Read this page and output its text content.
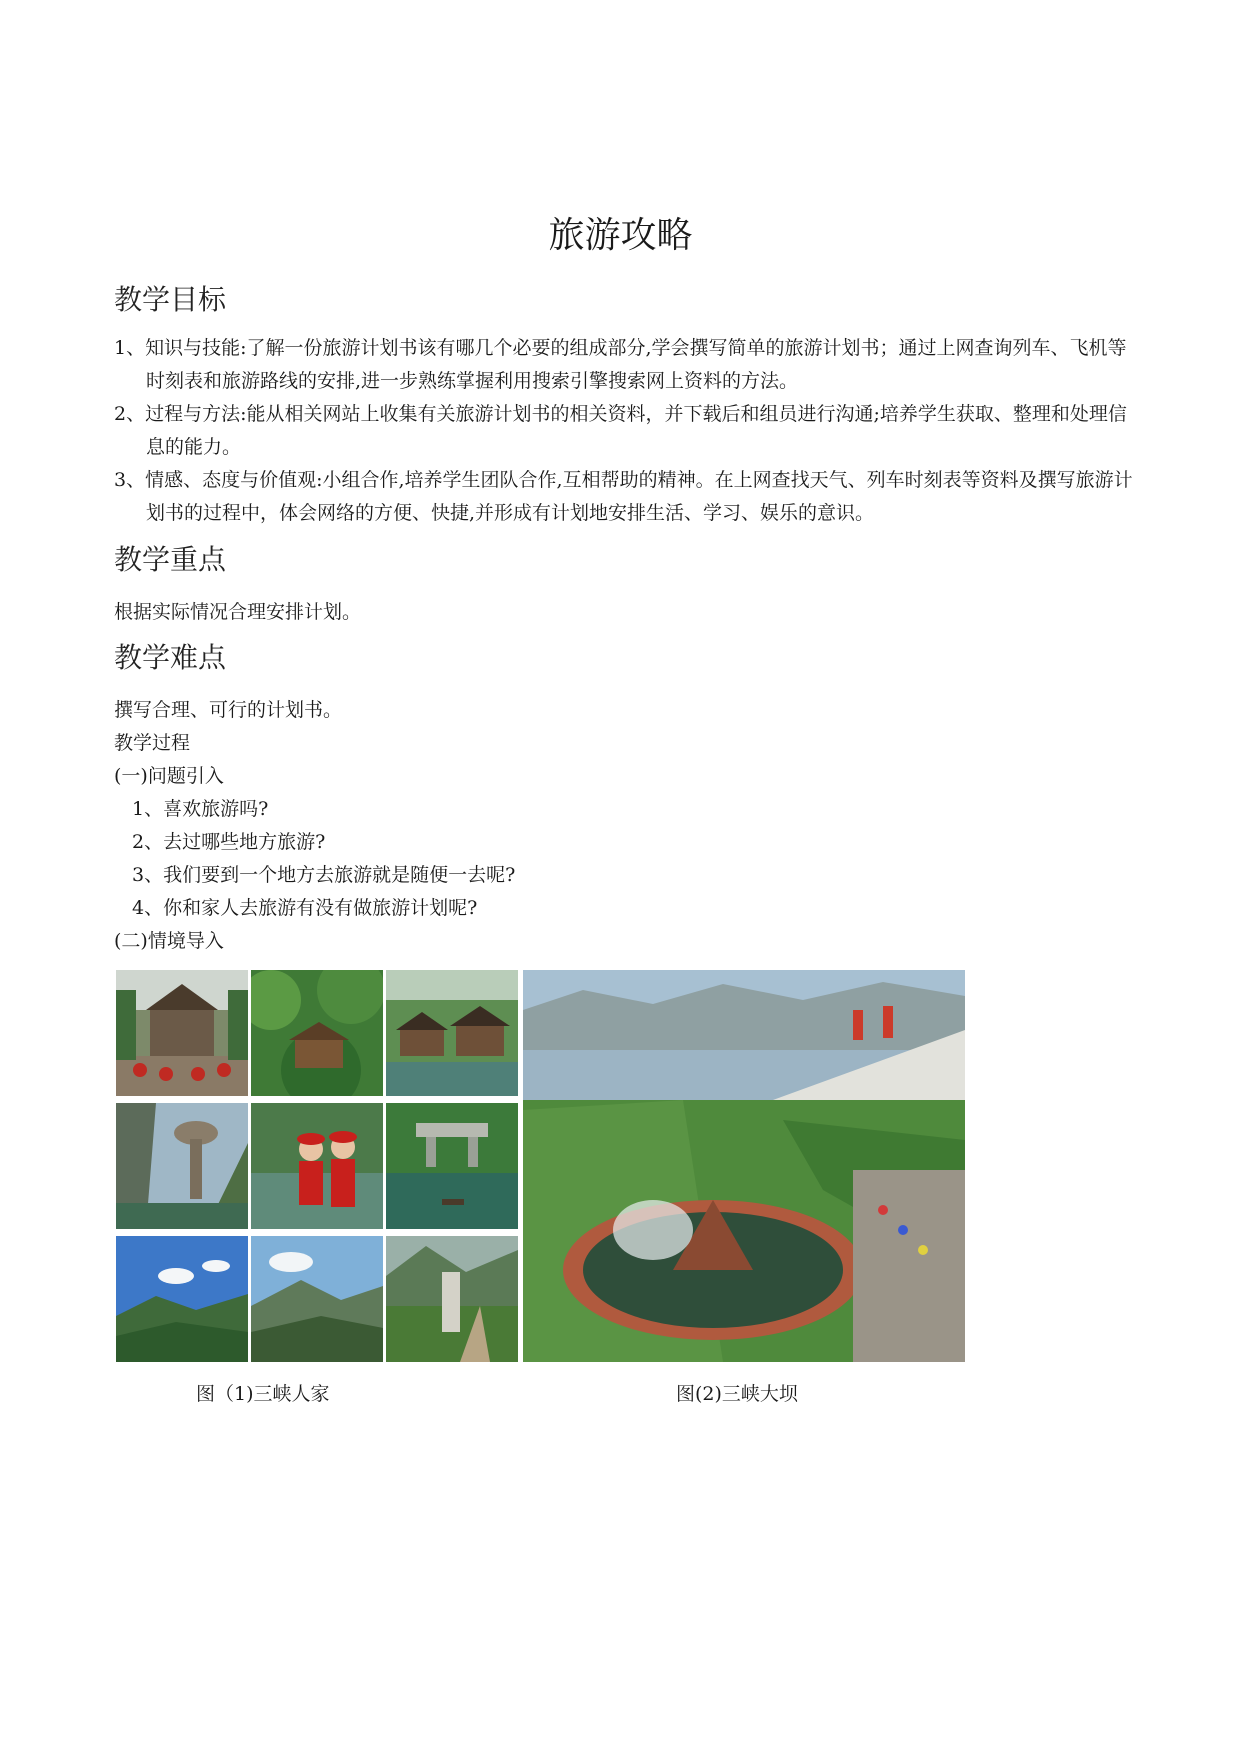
旅游攻略
教学目标
1、知识与技能:了解一份旅游计划书该有哪几个必要的组成部分,学会撰写简单的旅游计划书；通过上网查询列车、飞机等时刻表和旅游路线的安排,进一步熟练掌握利用搜索引擎搜索网上资料的方法。
2、过程与方法:能从相关网站上收集有关旅游计划书的相关资料，并下载后和组员进行沟通;培养学生获取、整理和处理信息的能力。
3、情感、态度与价值观:小组合作,培养学生团队合作,互相帮助的精神。在上网查找天气、列车时刻表等资料及撰写旅游计划书的过程中，体会网络的方便、快捷,并形成有计划地安排生活、学习、娱乐的意识。
教学重点
根据实际情况合理安排计划。
教学难点
撰写合理、可行的计划书。
教学过程
(一)问题引入
1、喜欢旅游吗?
2、去过哪些地方旅游?
3、我们要到一个地方去旅游就是随便一去呢?
4、你和家人去旅游有没有做旅游计划呢?
(二)情境导入
图（1)三峡人家	图(2)三峡大坝
